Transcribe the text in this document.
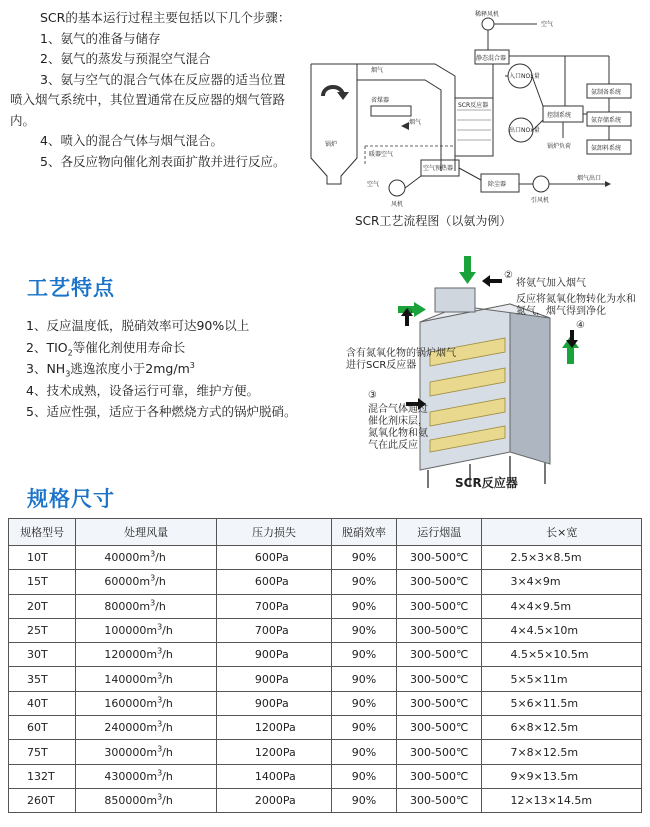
SCR的基本运行过程主要包括以下几个步骤：

1、氨气的准备与储存

2、氨气的蒸发与预混空气混合

3、氨与空气的混合气体在反应器的适当位置喷入烟气系统中，其位置通常在反应器的烟气管路内。

4、喷入的混合气体与烟气混合。

5、各反应物向催化剂表面扩散并进行反应。

锅炉
烟气
烟气
省煤器
SCR反应器
暖器空气
空气预热器
空气
风机
除尘器
引风机
烟气出口
稀释风机
空气
静态混合器
入口NOx量
出口NOx量
控制系统
锅炉负荷
氨制备系统
氨存储系统
氨卸料系统
SCR工艺流程图（以氨为例）
工艺特点

1、反应温度低，脱硝效率可达90%以上

2、$TIO_2$等催化剂使用寿命长

3、$NH_3$逃逸浓度小于$2mg/m^3$

4、技术成熟，设备运行可靠，维护方便。

5、适应性强，适应于各种燃烧方式的锅炉脱硝。

①
含有氮氧化物的锅炉烟气进行SCR反应器
②
将氨气加入烟气
③
混合气体通过催化剂床层，氮氧化物和氨气在此反应
④
反应将氮氧化物转化为水和氮气，烟气得到净化
SCR反应器
规格尺寸
规格型号	处理风量	压力损失	脱硝效率	运行烟温	长×宽
10T	$40000m^3/h$	600Pa	90%	300-500℃	2.5×3×8.5m
15T	$60000m^3/h$	600Pa	90%	300-500℃	3×4×9m
20T	$80000m^3/h$	700Pa	90%	300-500℃	4×4×9.5m
25T	$100000m^3/h$	700Pa	90%	300-500℃	4×4.5×10m
30T	$120000m^3/h$	900Pa	90%	300-500℃	4.5×5×10.5m
35T	$140000m^3/h$	900Pa	90%	300-500℃	5×5×11m
40T	$160000m^3/h$	900Pa	90%	300-500℃	5×6×11.5m
60T	$240000m^3/h$	1200Pa	90%	300-500℃	6×8×12.5m
75T	$300000m^3/h$	1200Pa	90%	300-500℃	7×8×12.5m
132T	$430000m^3/h$	1400Pa	90%	300-500℃	9×9×13.5m
260T	$850000m^3/h$	2000Pa	90%	300-500℃	12×13×14.5m
